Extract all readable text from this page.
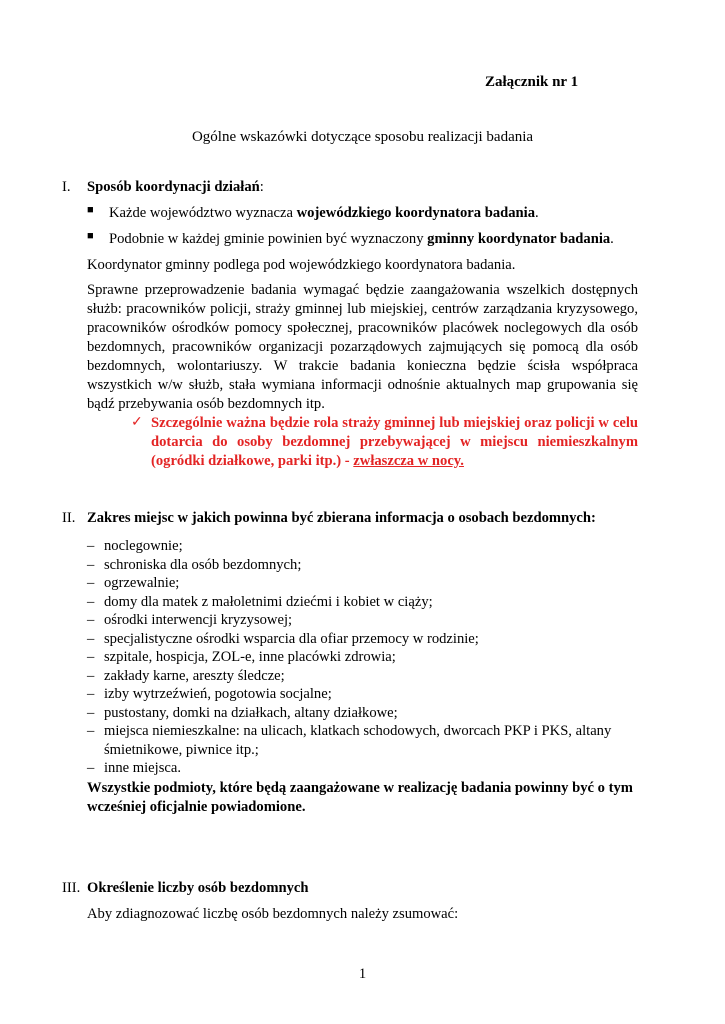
Załącznik nr 1
Ogólne wskazówki dotyczące sposobu realizacji badania
I. Sposób koordynacji działań:
■ Każde województwo wyznacza wojewódzkiego koordynatora badania.
■ Podobnie w każdej gminie powinien być wyznaczony gminny koordynator badania.
Koordynator gminny podlega pod wojewódzkiego koordynatora badania.
Sprawne przeprowadzenie badania wymagać będzie zaangażowania wszelkich dostępnych służb: pracowników policji, straży gminnej lub miejskiej, centrów zarządzania kryzysowego, pracowników ośrodków pomocy społecznej, pracowników placówek noclegowych dla osób bezdomnych, pracowników organizacji pozarządowych zajmujących się pomocą dla osób bezdomnych, wolontariuszy. W trakcie badania konieczna będzie ścisła współpraca wszystkich w/w służb, stała wymiana informacji odnośnie aktualnych map grupowania się bądź przebywania osób bezdomnych itp.
✓ Szczególnie ważna będzie rola straży gminnej lub miejskiej oraz policji w celu dotarcia do osoby bezdomnej przebywającej w miejscu niemieszkalnym (ogródki działkowe, parki itp.) - zwłaszcza w nocy.
II. Zakres miejsc w jakich powinna być zbierana informacja o osobach bezdomnych:
– noclegownie;
– schroniska dla osób bezdomnych;
– ogrzewalnie;
– domy dla matek z małoletnimi dziećmi i kobiet w ciąży;
– ośrodki interwencji kryzysowej;
– specjalistyczne ośrodki wsparcia dla ofiar przemocy w rodzinie;
– szpitale, hospicja, ZOL-e, inne placówki zdrowia;
– zakłady karne, areszty śledcze;
– izby wytrzeźwień, pogotowia socjalne;
– pustostany, domki na działkach, altany działkowe;
– miejsca niemieszkalne: na ulicach, klatkach schodowych, dworcach PKP i PKS, altany śmietnikowe, piwnice itp.;
– inne miejsca.
Wszystkie podmioty, które będą zaangażowane w realizację badania powinny być o tym wcześniej oficjalnie powiadomione.
III. Określenie liczby osób bezdomnych
Aby zdiagnozować liczbę osób bezdomnych należy zsumować:
1
